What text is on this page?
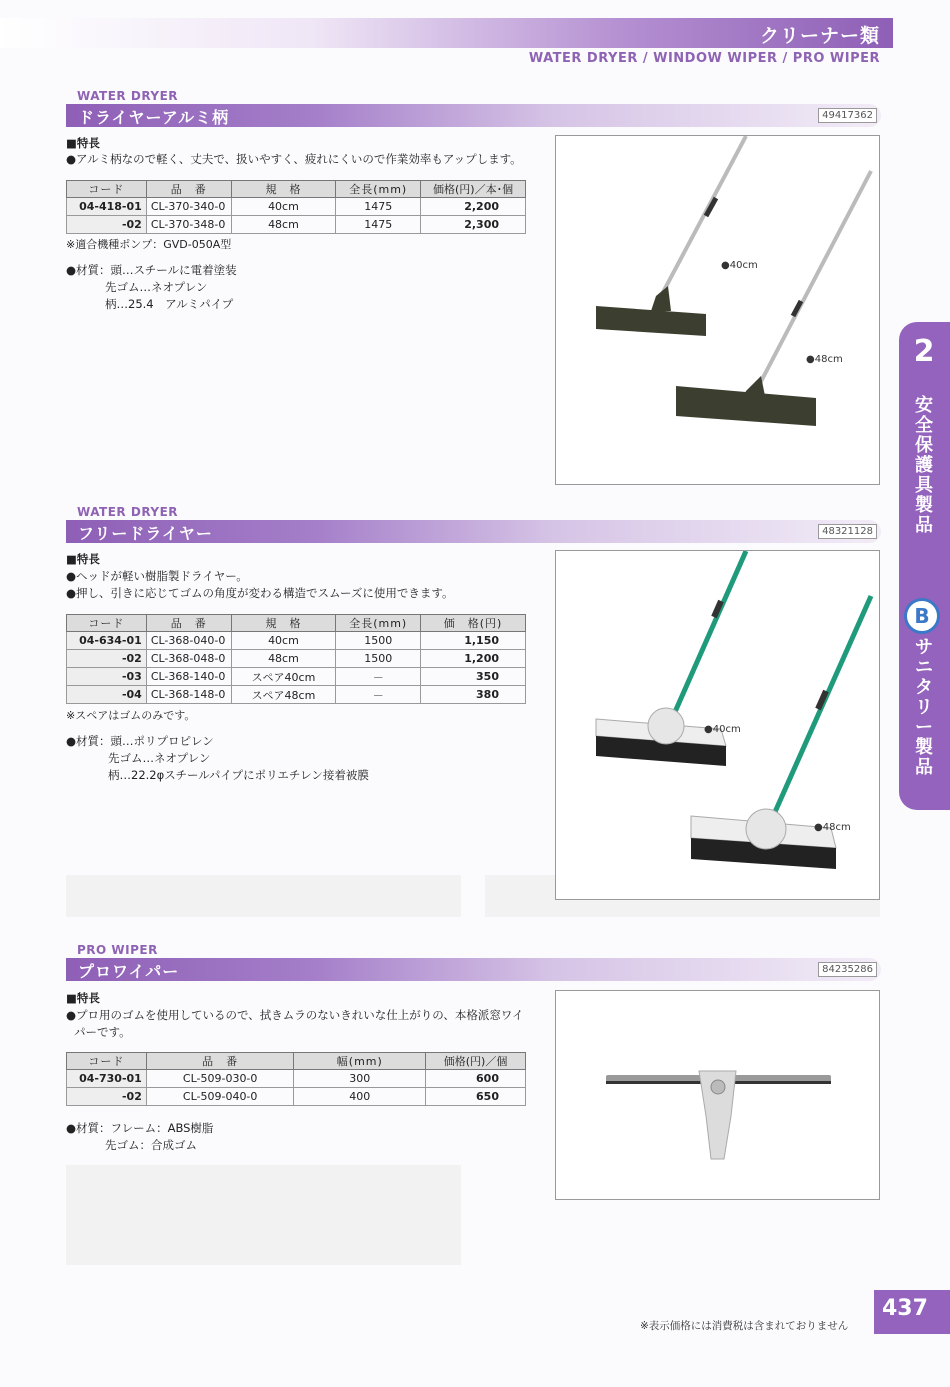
クリーナー類
WATER DRYER / WINDOW WIPER / PRO WIPER
2
安全保護具製品
B
サニタリー製品
WATER DRYER
ドライヤーアルミ柄	49417362
■特長
●アルミ柄なので軽く、丈夫で、扱いやすく、疲れにくいので作業効率もアップします。
コード	品　番	規　格	全長(mm)	価格(円)／本･個
04-418-01	CL-370-340-0	40cm	1475	2,200
-02	CL-370-348-0	48cm	1475	2,300
※適合機種ポンプ：GVD-050A型
●材質：頭…スチールに電着塗装
先ゴム…ネオプレン
柄…25.4　アルミパイプ
●40cm
●48cm
WATER DRYER
フリードライヤー	48321128
■特長
●ヘッドが軽い樹脂製ドライヤー。
●押し、引きに応じてゴムの角度が変わる構造でスムーズに使用できます。
コード	品　番	規　格	全長(mm)	価　格(円)
04-634-01	CL-368-040-0	40cm	1500	1,150
-02	CL-368-048-0	48cm	1500	1,200
-03	CL-368-140-0	スペア40cm	－	350
-04	CL-368-148-0	スペア48cm	－	380
※スペアはゴムのみです。
●材質：頭…ポリプロピレン
先ゴム…ネオプレン
柄…22.2φスチールパイプにポリエチレン接着被膜
●40cm
●48cm
PRO WIPER
プロワイパー	84235286
■特長
●プロ用のゴムを使用しているので、拭きムラのないきれいな仕上がりの、本格派窓ワイ
パーです。
コード	品　番	幅(mm)	価格(円)／個
04-730-01	CL-509-030-0	300	600
-02	CL-509-040-0	400	650
●材質：フレーム：ABS樹脂
先ゴム：合成ゴム
437
※表示価格には消費税は含まれておりません
